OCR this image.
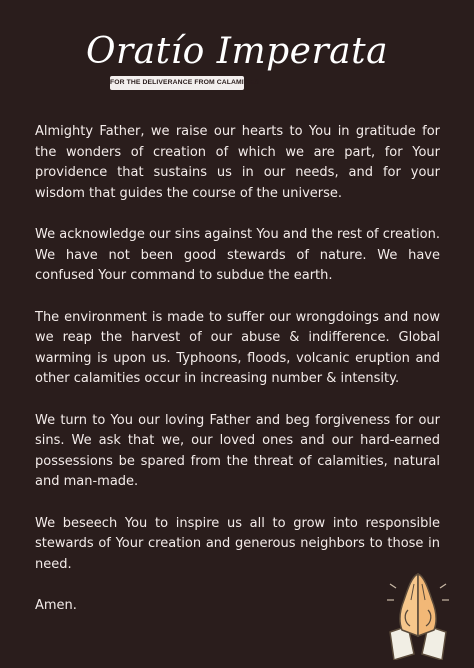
Oratío Imperata
FOR THE DELIVERANCE FROM CALAMITIES

Almighty Father, we raise our hearts to You in gratitude for the wonders of creation of which we are part, for Your providence that sustains us in our needs, and for your wisdom that guides the course of the universe.

We acknowledge our sins against You and the rest of creation. We have not been good stewards of nature. We have confused Your command to subdue the earth.

The environment is made to suffer our wrongdoings and now we reap the harvest of our abuse & indifference. Global warming is upon us. Typhoons, floods, volcanic eruption and other calamities occur in increasing number & intensity.

We turn to You our loving Father and beg forgiveness for our sins. We ask that we, our loved ones and our hard-earned possessions be spared from the threat of calamities, natural and man-made.

We beseech You to inspire us all to grow into responsible stewards of Your creation and generous neighbors to those in need.

Amen.
